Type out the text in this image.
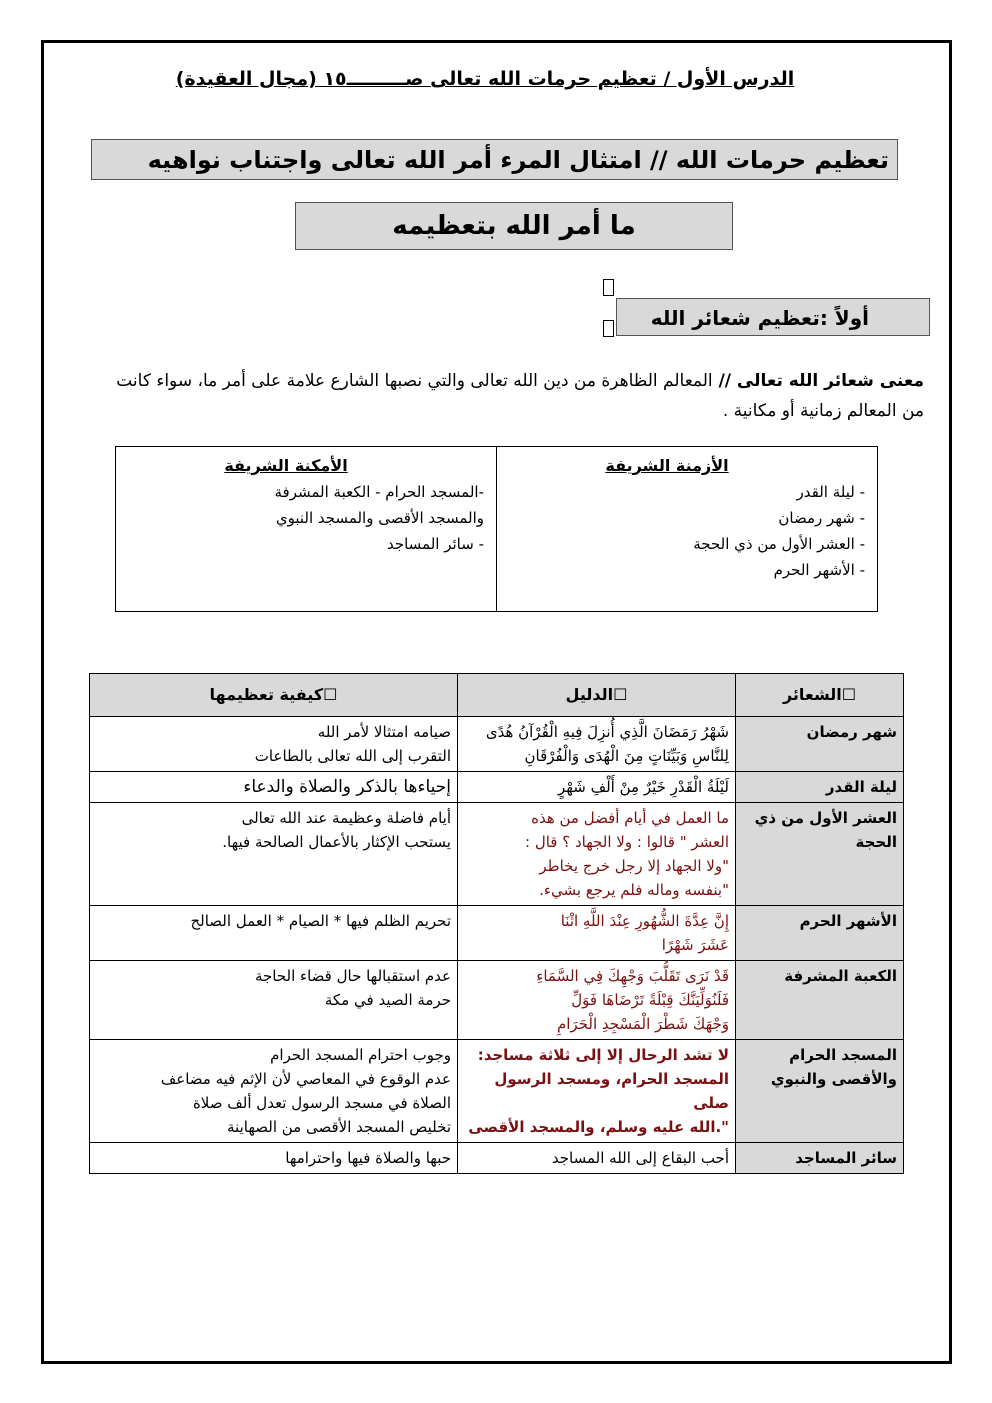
الدرس الأول / تعظيم حرمات الله تعالى صـــــــــ١٥ (مجال العقيدة)
تعظيم حرمات الله // امتثال المرء أمر الله تعالى واجتناب نواهيه
ما أمر الله بتعظيمه
أولاً :تعظيم شعائر الله
معنى شعائر الله تعالى // المعالم الظاهرة من دين الله تعالى والتي نصبها الشارع علامة على أمر ما، سواء كانت من المعالم زمانية أو مكانية .
الأزمنة الشريفة
- ليلة القدر
- شهر رمضان
- العشر الأول من ذي الحجة
- الأشهر الحرم

الأمكنة الشريفة
-المسجد الحرام - الكعبة المشرفة
والمسجد الأقصى والمسجد النبوي
- سائر المساجد
☐الشعائر	☐الدليل	☐كيفية تعظيمها
شهر رمضان	شَهْرُ رَمَضَانَ الَّذِي أُنزِلَ فِيهِ الْقُرْآنُ هُدًى
لِلنَّاسِ وَبَيِّنَاتٍ مِنَ الْهُدَى وَالْفُرْقَانِ	صيامه امتثالا لأمر الله
التقرب إلى الله تعالى بالطاعات

ليلة القدر	لَيْلَةُ الْقَدْرِ خَيْرٌ مِنْ أَلْفِ شَهْرٍ	إحياءها بالذكر والصلاة والدعاء

العشر الأول من ذي الحجة	ما العمل في أيام أفضل من هذه
العشر " قالوا : ولا الجهاد ؟ قال :
"ولا الجهاد إلا رجل خرج يخاطر
"بنفسه وماله فلم يرجع بشيء.	أيام فاضلة وعظيمة عند الله تعالى
يستحب الإكثار بالأعمال الصالحة فيها.

الأشهر الحرم	إِنَّ عِدَّةَ الشُّهُورِ عِنْدَ اللَّهِ اثْنَا
عَشَرَ شَهْرًا	تحريم الظلم فيها * الصيام * العمل الصالح

الكعبة المشرفة	قَدْ نَرَى تَقَلُّبَ وَجْهِكَ فِي السَّمَاءِ
فَلَنُوَلِّيَنَّكَ قِبْلَةً تَرْضَاهَا فَوَلِّ
وَجْهَكَ شَطْرَ الْمَسْجِدِ الْحَرَامِ	عدم استقبالها حال قضاء الحاجة
حرمة الصيد في مكة

المسجد الحرام والأقصى والنبوي	لا تشد الرحال إلا إلى ثلاثة مساجد:
المسجد الحرام، ومسجد الرسول صلى
".الله عليه وسلم، والمسجد الأقصى	وجوب احترام المسجد الحرام
عدم الوقوع في المعاصي لأن الإثم فيه مضاعف
الصلاة في مسجد الرسول تعدل ألف صلاة
تخليص المسجد الأقصى من الصهاينة

سائر المساجد	أحب البقاع إلى الله المساجد	حبها والصلاة فيها واحترامها
